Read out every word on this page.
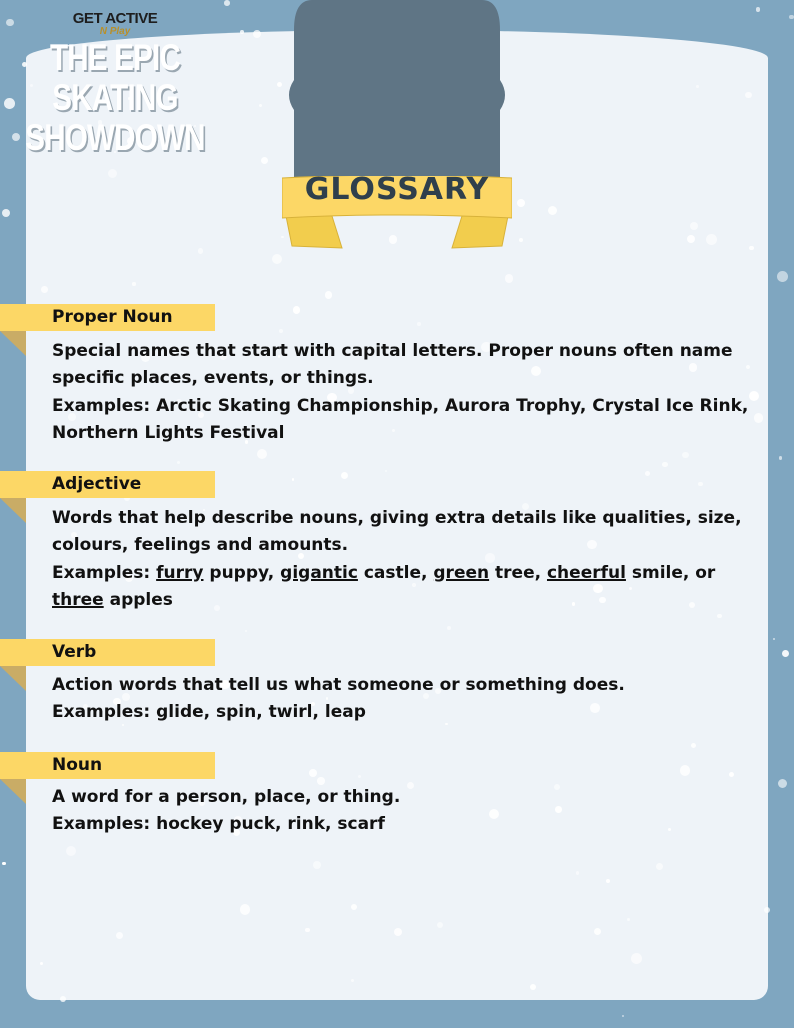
GET ACTIVE
N Play
THE EPIC
SKATING
SHOWDOWN
GLOSSARY
Proper Noun

Special names that start with capital letters. Proper nouns often name specific places, events, or things.

Examples: Arctic Skating Championship, Aurora Trophy, Crystal Ice Rink, Northern Lights Festival

Adjective

Words that help describe nouns, giving extra details like qualities, size, colours, feelings and amounts.

Examples: furry puppy, gigantic castle, green tree, cheerful smile, or three apples

Verb

Action words that tell us what someone or something does.

Examples: glide, spin, twirl, leap

Noun

A word for a person, place, or thing.

Examples: hockey puck, rink, scarf
